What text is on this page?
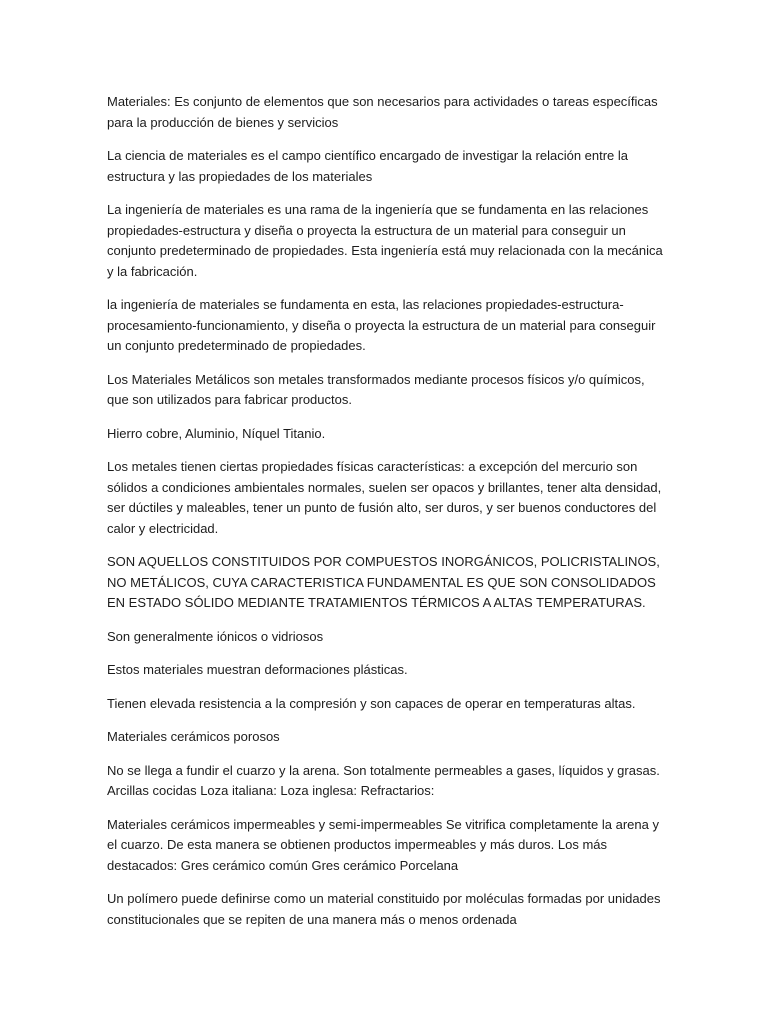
Materiales: Es conjunto de elementos que son necesarios para actividades o tareas específicas para la producción de bienes y servicios

La ciencia de materiales es el campo científico encargado de investigar la relación entre la estructura y las propiedades de los materiales

La ingeniería de materiales es una rama de la ingeniería que se fundamenta en las relaciones propiedades-estructura y diseña o proyecta la estructura de un material para conseguir un conjunto predeterminado de propiedades. Esta ingeniería está muy relacionada con la mecánica y la fabricación.

la ingeniería de materiales se fundamenta en esta, las relaciones propiedades-estructura-procesamiento-funcionamiento, y diseña o proyecta la estructura de un material para conseguir un conjunto predeterminado de propiedades.

Los Materiales Metálicos son metales transformados mediante procesos físicos y/o químicos, que son utilizados para fabricar productos.

Hierro cobre, Aluminio, Níquel Titanio.

Los metales tienen ciertas propiedades físicas características: a excepción del mercurio son sólidos a condiciones ambientales normales, suelen ser opacos y brillantes, tener alta densidad, ser dúctiles y maleables, tener un punto de fusión alto, ser duros, y ser buenos conductores del calor y electricidad.

SON AQUELLOS CONSTITUIDOS POR COMPUESTOS INORGÁNICOS, POLICRISTALINOS, NO METÁLICOS, CUYA CARACTERISTICA FUNDAMENTAL ES QUE SON CONSOLIDADOS EN ESTADO SÓLIDO MEDIANTE TRATAMIENTOS TÉRMICOS A ALTAS TEMPERATURAS.

Son generalmente iónicos o vidriosos

Estos materiales muestran deformaciones plásticas.

Tienen elevada resistencia a la compresión y son capaces de operar en temperaturas altas.

Materiales cerámicos porosos

No se llega a fundir el cuarzo y la arena. Son totalmente permeables a gases, líquidos y grasas. Arcillas cocidas Loza italiana: Loza inglesa: Refractarios:

Materiales cerámicos impermeables y semi-impermeables Se vitrifica completamente la arena y el cuarzo. De esta manera se obtienen productos impermeables y más duros. Los más destacados: Gres cerámico común Gres cerámico Porcelana

Un polímero puede definirse como un material constituido por moléculas formadas por unidades constitucionales que se repiten de una manera más o menos ordenada
